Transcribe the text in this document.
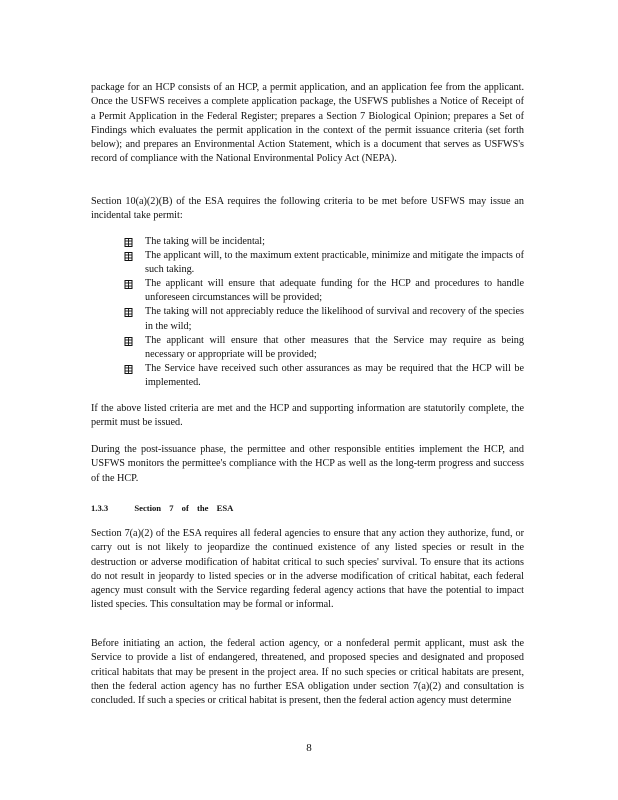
package for an HCP consists of an HCP, a permit application, and an application fee from the applicant. Once the USFWS receives a complete application package, the USFWS publishes a Notice of Receipt of a Permit Application in the Federal Register; prepares a Section 7 Biological Opinion; prepares a Set of Findings which evaluates the permit application in the context of the permit issuance criteria (set forth below); and prepares an Environmental Action Statement, which is a document that serves as USFWS's record of compliance with the National Environmental Policy Act (NEPA).

Section 10(a)(2)(B) of the ESA requires the following criteria to be met before USFWS may issue an incidental take permit:

The taking will be incidental;
The applicant will, to the maximum extent practicable, minimize and mitigate the impacts of such taking.
The applicant will ensure that adequate funding for the HCP and procedures to handle unforeseen circumstances will be provided;
The taking will not appreciably reduce the likelihood of survival and recovery of the species in the wild;
The applicant will ensure that other measures that the Service may require as being necessary or appropriate will be provided;
The Service have received such other assurances as may be required that the HCP will be implemented.

If the above listed criteria are met and the HCP and supporting information are statutorily complete, the permit must be issued.

During the post-issuance phase, the permittee and other responsible entities implement the HCP, and USFWS monitors the permittee's compliance with the HCP as well as the long-term progress and success of the HCP.

1.3.3	Section 7 of the ESA

Section 7(a)(2) of the ESA requires all federal agencies to ensure that any action they authorize, fund, or carry out is not likely to jeopardize the continued existence of any listed species or result in the destruction or adverse modification of habitat critical to such species' survival. To ensure that its actions do not result in jeopardy to listed species or in the adverse modification of critical habitat, each federal agency must consult with the Service regarding federal agency actions that have the potential to impact listed species. This consultation may be formal or informal.

Before initiating an action, the federal action agency, or a nonfederal permit applicant, must ask the Service to provide a list of endangered, threatened, and proposed species and designated and proposed critical habitats that may be present in the project area. If no such species or critical habitats are present, then the federal action agency has no further ESA obligation under section 7(a)(2) and consultation is concluded. If such a species or critical habitat is present, then the federal action agency must determine

8
